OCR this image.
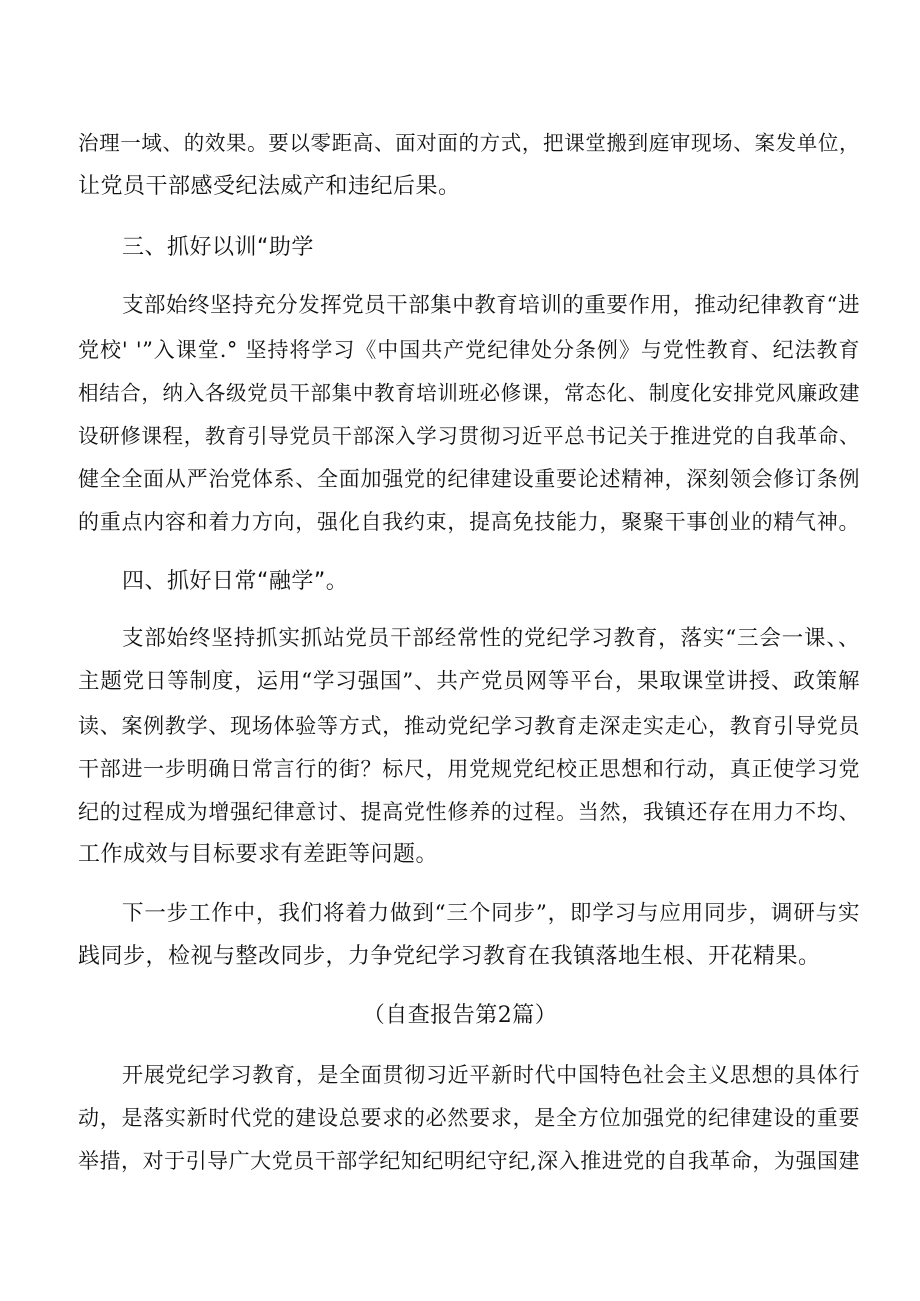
治理一域、的效果。要以零距高、面对面的方式，把课堂搬到庭审现场、案发单位，
让党员干部感受纪法威产和违纪后果。
三、抓好以训“助学
支部始终坚持充分发挥党员干部集中教育培训的重要作用，推动纪律教育“进
党校' '”入课堂.° 坚持将学习《中国共产党纪律处分条例》与党性教育、纪法教育
相结合，纳入各级党员干部集中教育培训班必修课，常态化、制度化安排党风廉政建
设研修课程，教育引导党员干部深入学习贯彻习近平总书记关于推进党的自我革命、
健全全面从严治党体系、全面加强党的纪律建设重要论述精神，深刻领会修订条例
的重点内容和着力方向，强化自我约束，提高免技能力，聚聚干事创业的精气神。
四、抓好日常“融学”。
支部始终坚持抓实抓站党员干部经常性的党纪学习教育，落实“三会一课、、
主题党日等制度，运用“学习强国”、共产党员网等平台，果取课堂讲授、政策解
读、案例教学、现场体验等方式，推动党纪学习教育走深走实走心，教育引导党员
干部进一步明确日常言行的街？标尺，用党规党纪校正思想和行动，真正使学习党
纪的过程成为增强纪律意讨、提高党性修养的过程。当然，我镇还存在用力不均、
工作成效与目标要求有差距等问题。
下一步工作中，我们将着力做到“三个同步”，即学习与应用同步，调研与实
践同步，检视与整改同步，力争党纪学习教育在我镇落地生根、开花精果。
（自查报告第2篇）
开展党纪学习教育，是全面贯彻习近平新时代中国特色社会主义思想的具体行
动，是落实新时代党的建设总要求的必然要求，是全方位加强党的纪律建设的重要
举措，对于引导广大党员干部学纪知纪明纪守纪,深入推进党的自我革命，为强国建
